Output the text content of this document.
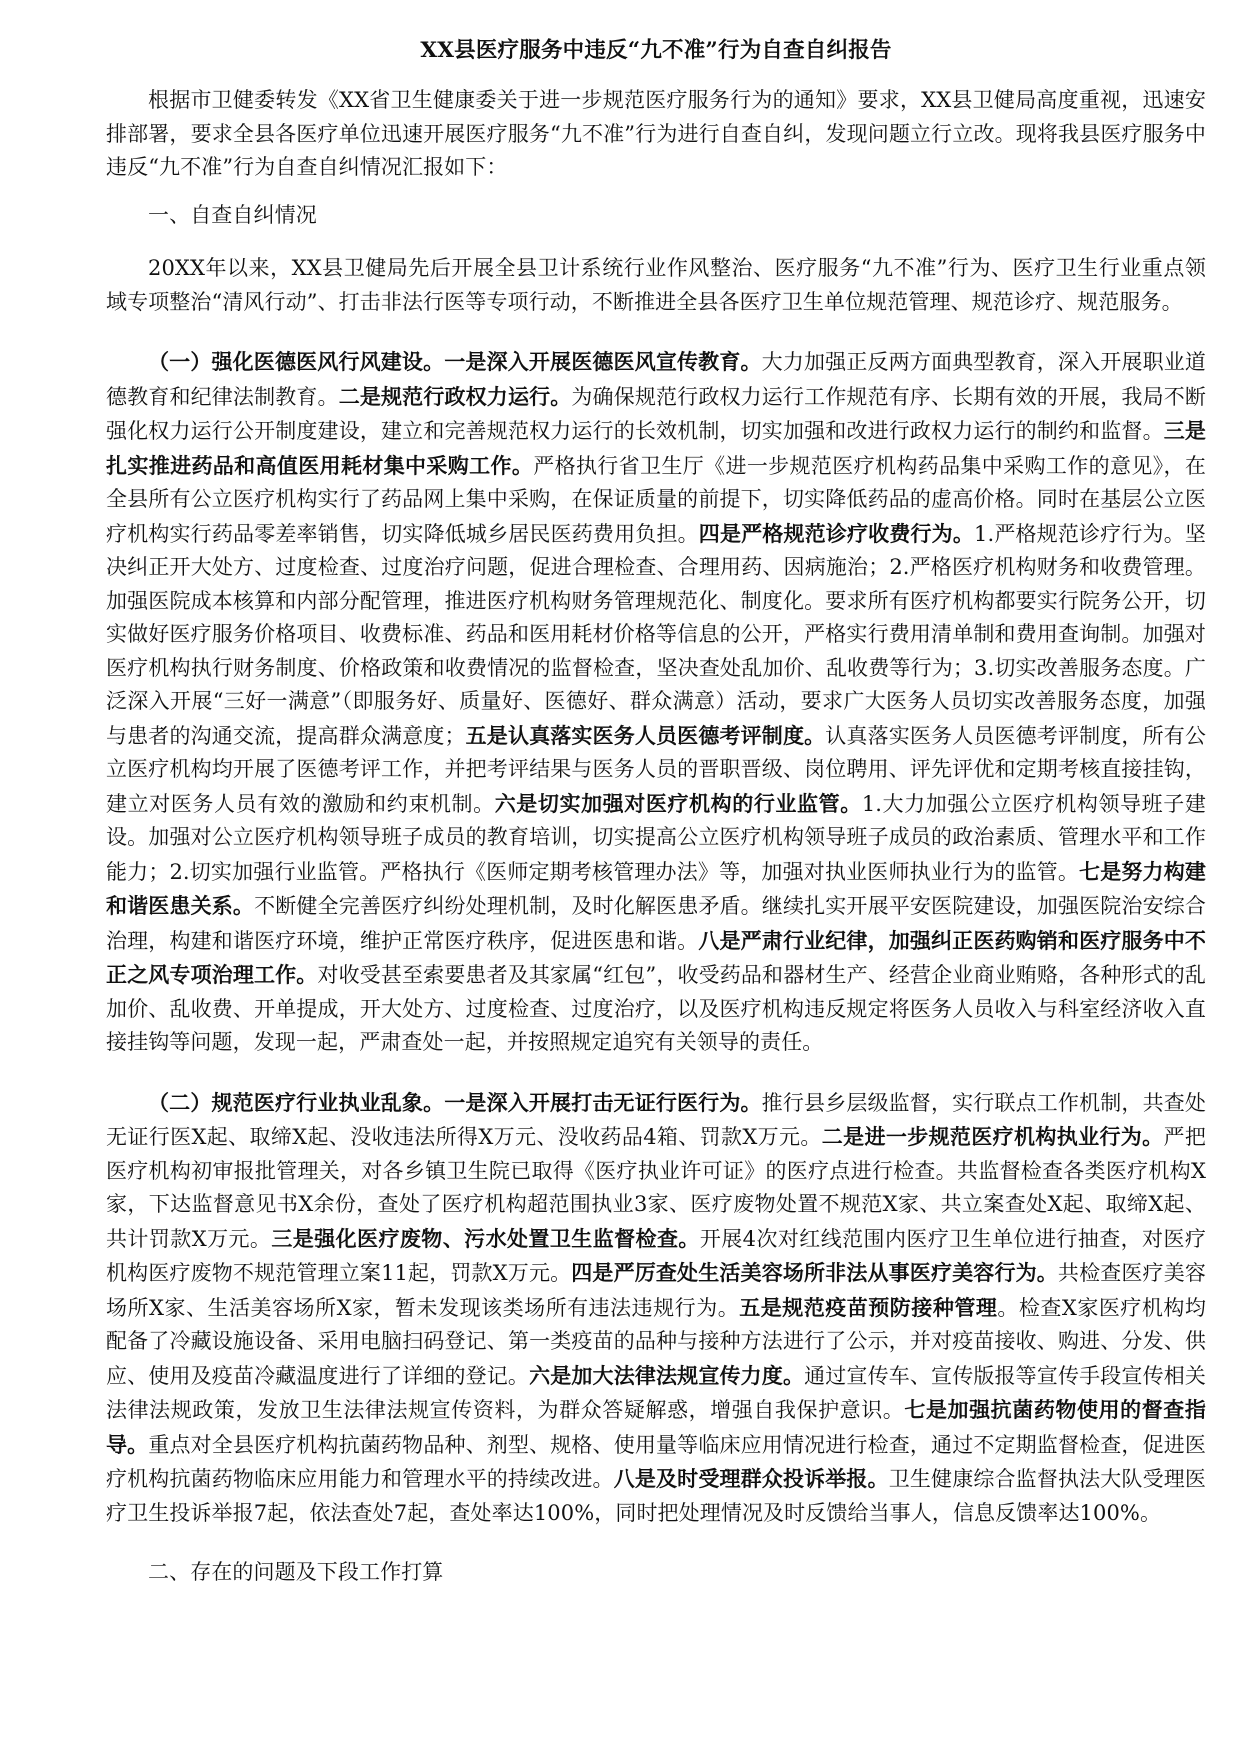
XX县医疗服务中违反“九不准”行为自查自纠报告

根据市卫健委转发《XX省卫生健康委关于进一步规范医疗服务行为的通知》要求，XX县卫健局高度重视，迅速安排部署，要求全县各医疗单位迅速开展医疗服务“九不准”行为进行自查自纠，发现问题立行立改。现将我县医疗服务中违反“九不准”行为自查自纠情况汇报如下：

一、自查自纠情况

20XX年以来，XX县卫健局先后开展全县卫计系统行业作风整治、医疗服务“九不准”行为、医疗卫生行业重点领域专项整治“清风行动”、打击非法行医等专项行动，不断推进全县各医疗卫生单位规范管理、规范诊疗、规范服务。

（一）强化医德医风行风建设。一是深入开展医德医风宣传教育。大力加强正反两方面典型教育，深入开展职业道德教育和纪律法制教育。二是规范行政权力运行。为确保规范行政权力运行工作规范有序、长期有效的开展，我局不断强化权力运行公开制度建设，建立和完善规范权力运行的长效机制，切实加强和改进行政权力运行的制约和监督。三是扎实推进药品和高值医用耗材集中采购工作。严格执行省卫生厅《进一步规范医疗机构药品集中采购工作的意见》，在全县所有公立医疗机构实行了药品网上集中采购，在保证质量的前提下，切实降低药品的虚高价格。同时在基层公立医疗机构实行药品零差率销售，切实降低城乡居民医药费用负担。四是严格规范诊疗收费行为。1.严格规范诊疗行为。坚决纠正开大处方、过度检查、过度治疗问题，促进合理检查、合理用药、因病施治；2.严格医疗机构财务和收费管理。加强医院成本核算和内部分配管理，推进医疗机构财务管理规范化、制度化。要求所有医疗机构都要实行院务公开，切实做好医疗服务价格项目、收费标准、药品和医用耗材价格等信息的公开，严格实行费用清单制和费用查询制。加强对医疗机构执行财务制度、价格政策和收费情况的监督检查，坚决查处乱加价、乱收费等行为；3.切实改善服务态度。广泛深入开展“三好一满意”（即服务好、质量好、医德好、群众满意）活动，要求广大医务人员切实改善服务态度，加强与患者的沟通交流，提高群众满意度；五是认真落实医务人员医德考评制度。认真落实医务人员医德考评制度，所有公立医疗机构均开展了医德考评工作，并把考评结果与医务人员的晋职晋级、岗位聘用、评先评优和定期考核直接挂钩，建立对医务人员有效的激励和约束机制。六是切实加强对医疗机构的行业监管。1.大力加强公立医疗机构领导班子建设。加强对公立医疗机构领导班子成员的教育培训，切实提高公立医疗机构领导班子成员的政治素质、管理水平和工作能力；2.切实加强行业监管。严格执行《医师定期考核管理办法》等，加强对执业医师执业行为的监管。七是努力构建和谐医患关系。不断健全完善医疗纠纷处理机制，及时化解医患矛盾。继续扎实开展平安医院建设，加强医院治安综合治理，构建和谐医疗环境，维护正常医疗秩序，促进医患和谐。八是严肃行业纪律，加强纠正医药购销和医疗服务中不正之风专项治理工作。对收受甚至索要患者及其家属“红包”，收受药品和器材生产、经营企业商业贿赂，各种形式的乱加价、乱收费、开单提成，开大处方、过度检查、过度治疗，以及医疗机构违反规定将医务人员收入与科室经济收入直接挂钩等问题，发现一起，严肃查处一起，并按照规定追究有关领导的责任。

（二）规范医疗行业执业乱象。一是深入开展打击无证行医行为。推行县乡层级监督，实行联点工作机制，共查处无证行医X起、取缔X起、没收违法所得X万元、没收药品4箱、罚款X万元。二是进一步规范医疗机构执业行为。严把医疗机构初审报批管理关，对各乡镇卫生院已取得《医疗执业许可证》的医疗点进行检查。共监督检查各类医疗机构X家，下达监督意见书X余份，查处了医疗机构超范围执业3家、医疗废物处置不规范X家、共立案查处X起、取缔X起、共计罚款X万元。三是强化医疗废物、污水处置卫生监督检查。开展4次对红线范围内医疗卫生单位进行抽查，对医疗机构医疗废物不规范管理立案11起，罚款X万元。四是严厉查处生活美容场所非法从事医疗美容行为。共检查医疗美容场所X家、生活美容场所X家，暂未发现该类场所有违法违规行为。五是规范疫苗预防接种管理。检查X家医疗机构均配备了冷藏设施设备、采用电脑扫码登记、第一类疫苗的品种与接种方法进行了公示，并对疫苗接收、购进、分发、供应、使用及疫苗冷藏温度进行了详细的登记。六是加大法律法规宣传力度。通过宣传车、宣传版报等宣传手段宣传相关法律法规政策，发放卫生法律法规宣传资料，为群众答疑解惑，增强自我保护意识。七是加强抗菌药物使用的督查指导。重点对全县医疗机构抗菌药物品种、剂型、规格、使用量等临床应用情况进行检查，通过不定期监督检查，促进医疗机构抗菌药物临床应用能力和管理水平的持续改进。八是及时受理群众投诉举报。卫生健康综合监督执法大队受理医疗卫生投诉举报7起，依法查处7起，查处率达100%，同时把处理情况及时反馈给当事人，信息反馈率达100%。

二、存在的问题及下段工作打算
